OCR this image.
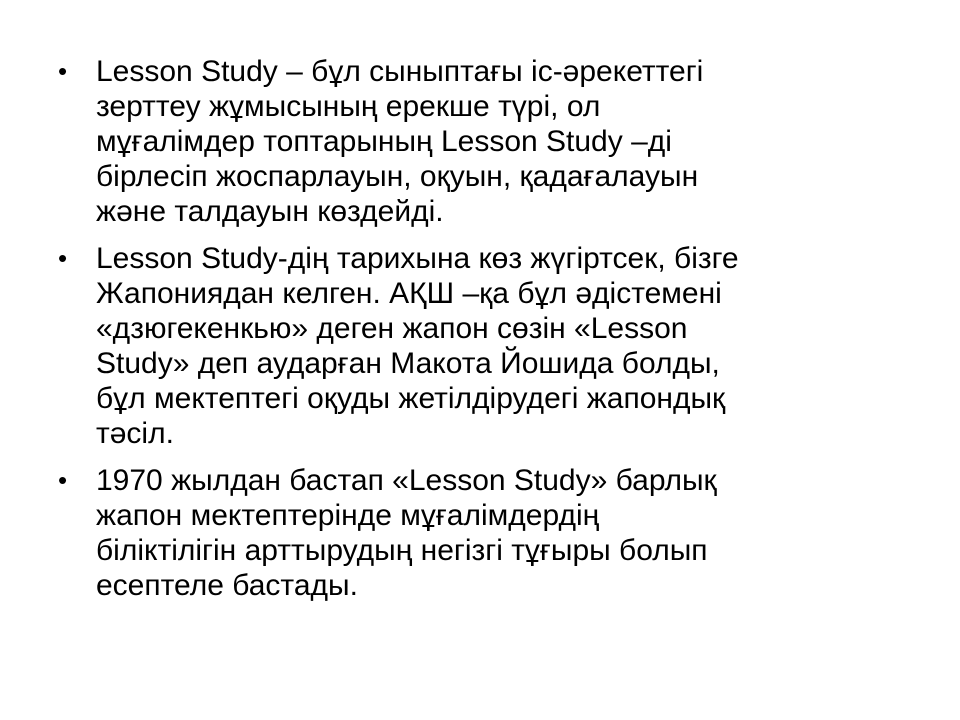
• Lesson Study – бұл сыныптағы іс-әрекеттегі
зерттеу жұмысының ерекше түрі, ол
мұғалімдер топтарының Lesson Study –ді
бірлесіп жоспарлауын, оқуын, қадағалауын
және талдауын көздейді.
• Lesson Study-дің тарихына көз жүгіртсек, бізге
Жапониядан келген. АҚШ –қа бұл әдістемені
«дзюгекенкью» деген жапон сөзін «Lesson
Study» деп аударған Макота Йошида болды,
бұл мектептегі оқуды жетілдірудегі жапондық
тәсіл.
• 1970 жылдан бастап «Lesson Study» барлық
жапон мектептерінде мұғалімдердің
біліктілігін арттырудың негізгі тұғыры болып
есептеле бастады.
